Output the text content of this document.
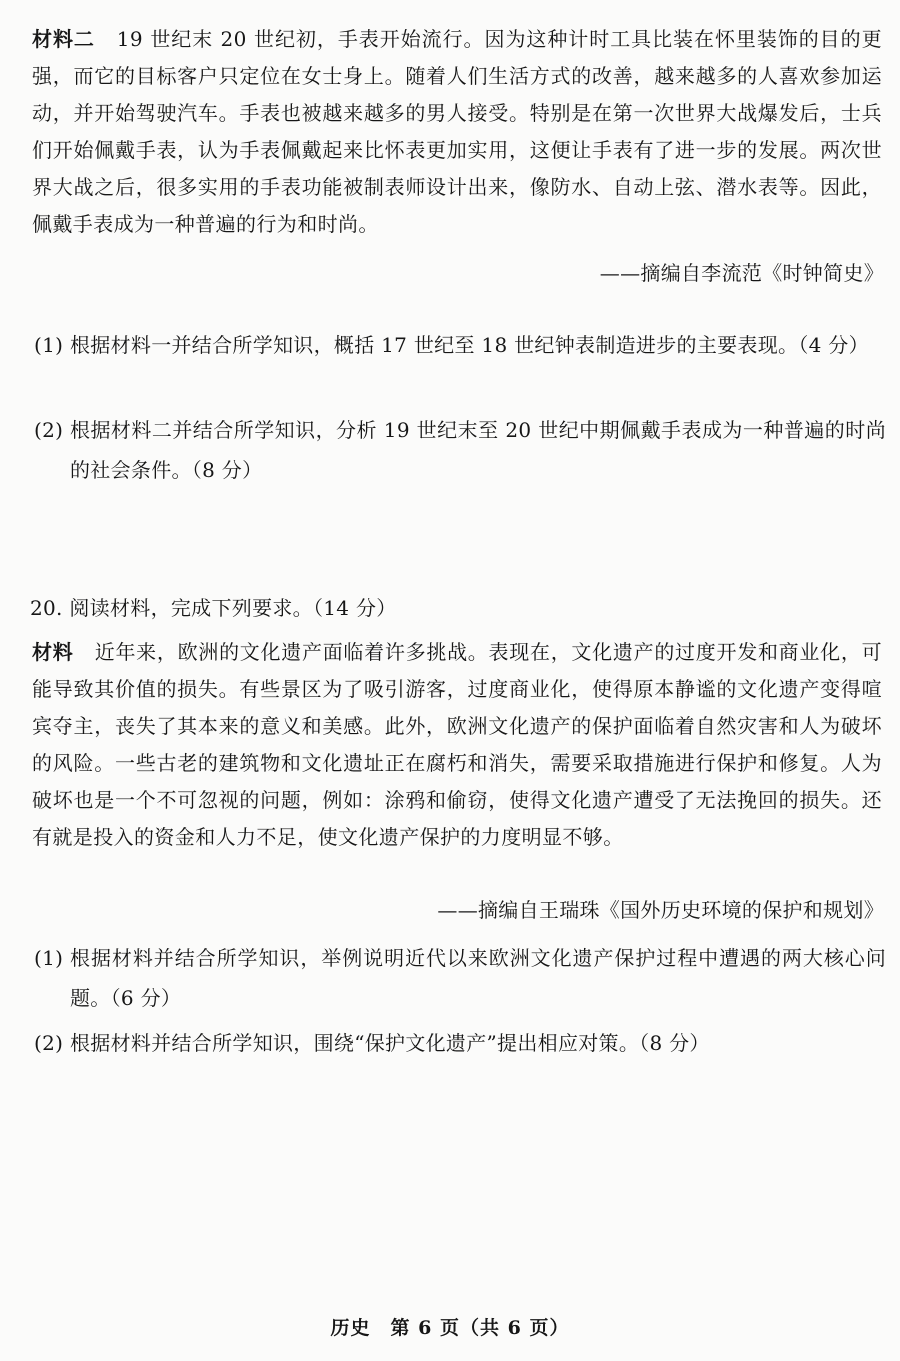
材料二 19 世纪末 20 世纪初，手表开始流行。因为这种计时工具比装在怀里装饰的目的更强，而它的目标客户只定位在女士身上。随着人们生活方式的改善，越来越多的人喜欢参加运动，并开始驾驶汽车。手表也被越来越多的男人接受。特别是在第一次世界大战爆发后，士兵们开始佩戴手表，认为手表佩戴起来比怀表更加实用，这便让手表有了进一步的发展。两次世界大战之后，很多实用的手表功能被制表师设计出来，像防水、自动上弦、潜水表等。因此，佩戴手表成为一种普遍的行为和时尚。
——摘编自李流范《时钟简史》
(1) 根据材料一并结合所学知识，概括 17 世纪至 18 世纪钟表制造进步的主要表现。（4 分）
(2) 根据材料二并结合所学知识，分析 19 世纪末至 20 世纪中期佩戴手表成为一种普遍的时尚的社会条件。（8 分）
20. 阅读材料，完成下列要求。（14 分）
材料 近年来，欧洲的文化遗产面临着许多挑战。表现在，文化遗产的过度开发和商业化，可能导致其价值的损失。有些景区为了吸引游客，过度商业化，使得原本静谧的文化遗产变得喧宾夺主，丧失了其本来的意义和美感。此外，欧洲文化遗产的保护面临着自然灾害和人为破坏的风险。一些古老的建筑物和文化遗址正在腐朽和消失，需要采取措施进行保护和修复。人为破坏也是一个不可忽视的问题，例如：涂鸦和偷窃，使得文化遗产遭受了无法挽回的损失。还有就是投入的资金和人力不足，使文化遗产保护的力度明显不够。
——摘编自王瑞珠《国外历史环境的保护和规划》
(1) 根据材料并结合所学知识，举例说明近代以来欧洲文化遗产保护过程中遭遇的两大核心问题。（6 分）
(2) 根据材料并结合所学知识，围绕“保护文化遗产”提出相应对策。（8 分）
历史　第 6 页（共 6 页）
